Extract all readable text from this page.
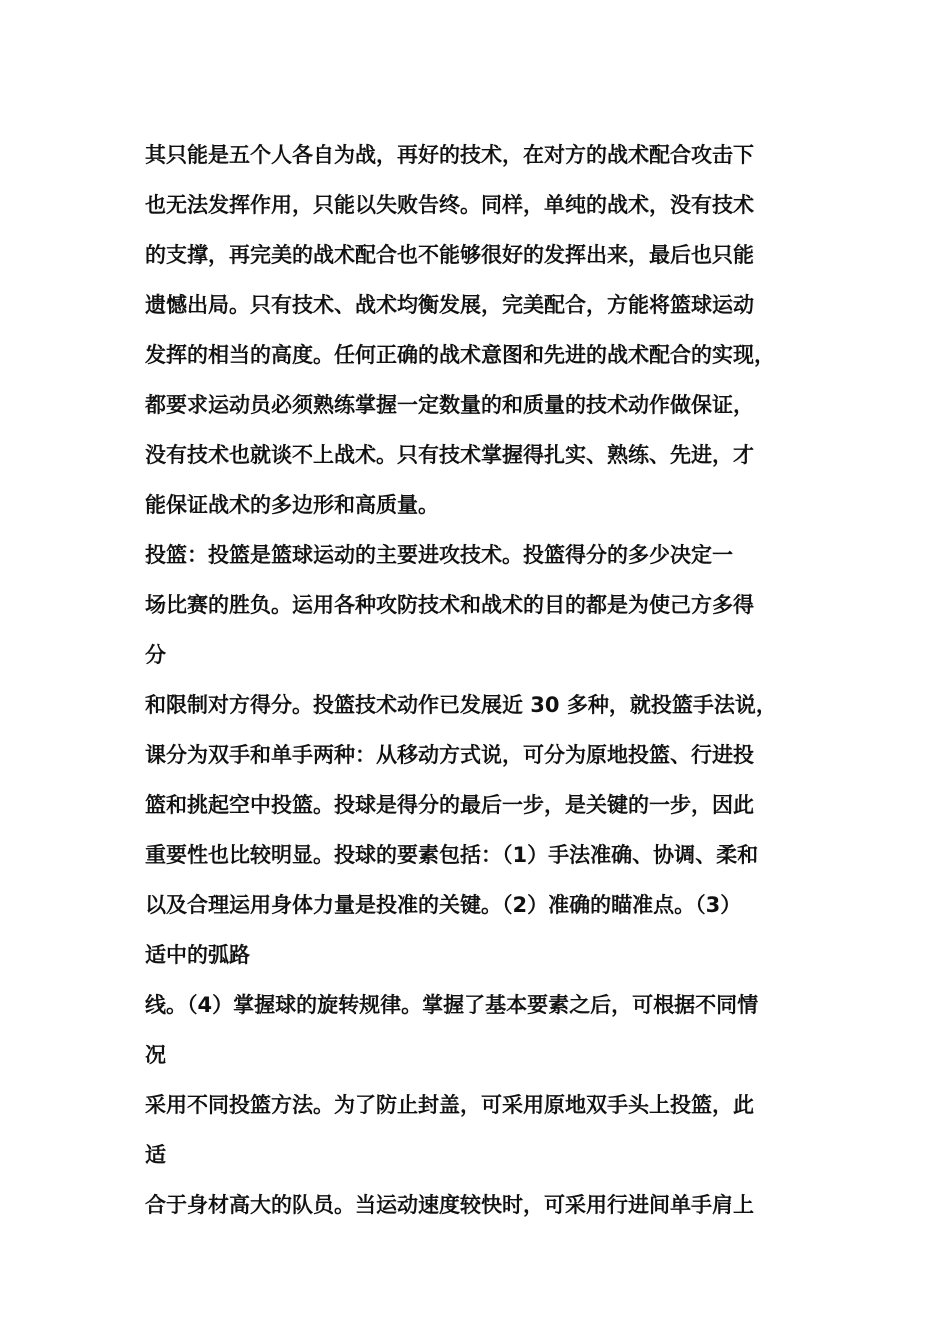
其只能是五个人各自为战，再好的技术，在对方的战术配合攻击下
也无法发挥作用，只能以失败告终。同样，单纯的战术，没有技术
的支撑，再完美的战术配合也不能够很好的发挥出来，最后也只能
遗憾出局。只有技术、战术均衡发展，完美配合，方能将篮球运动
发挥的相当的高度。任何正确的战术意图和先进的战术配合的实现，
都要求运动员必须熟练掌握一定数量的和质量的技术动作做保证，
没有技术也就谈不上战术。只有技术掌握得扎实、熟练、先进，才
能保证战术的多边形和高质量。
投篮：投篮是篮球运动的主要进攻技术。投篮得分的多少决定一
场比赛的胜负。运用各种攻防技术和战术的目的都是为使己方多得
分
和限制对方得分。投篮技术动作已发展近 30 多种，就投篮手法说，
课分为双手和单手两种：从移动方式说，可分为原地投篮、行进投
篮和挑起空中投篮。投球是得分的最后一步，是关键的一步，因此
重要性也比较明显。投球的要素包括：（1）手法准确、协调、柔和
以及合理运用身体力量是投准的关键。（2）准确的瞄准点。（3）
适中的弧路
线。（4）掌握球的旋转规律。掌握了基本要素之后，可根据不同情
况
采用不同投篮方法。为了防止封盖，可采用原地双手头上投篮，此
适
合于身材高大的队员。当运动速度较快时，可采用行进间单手肩上
